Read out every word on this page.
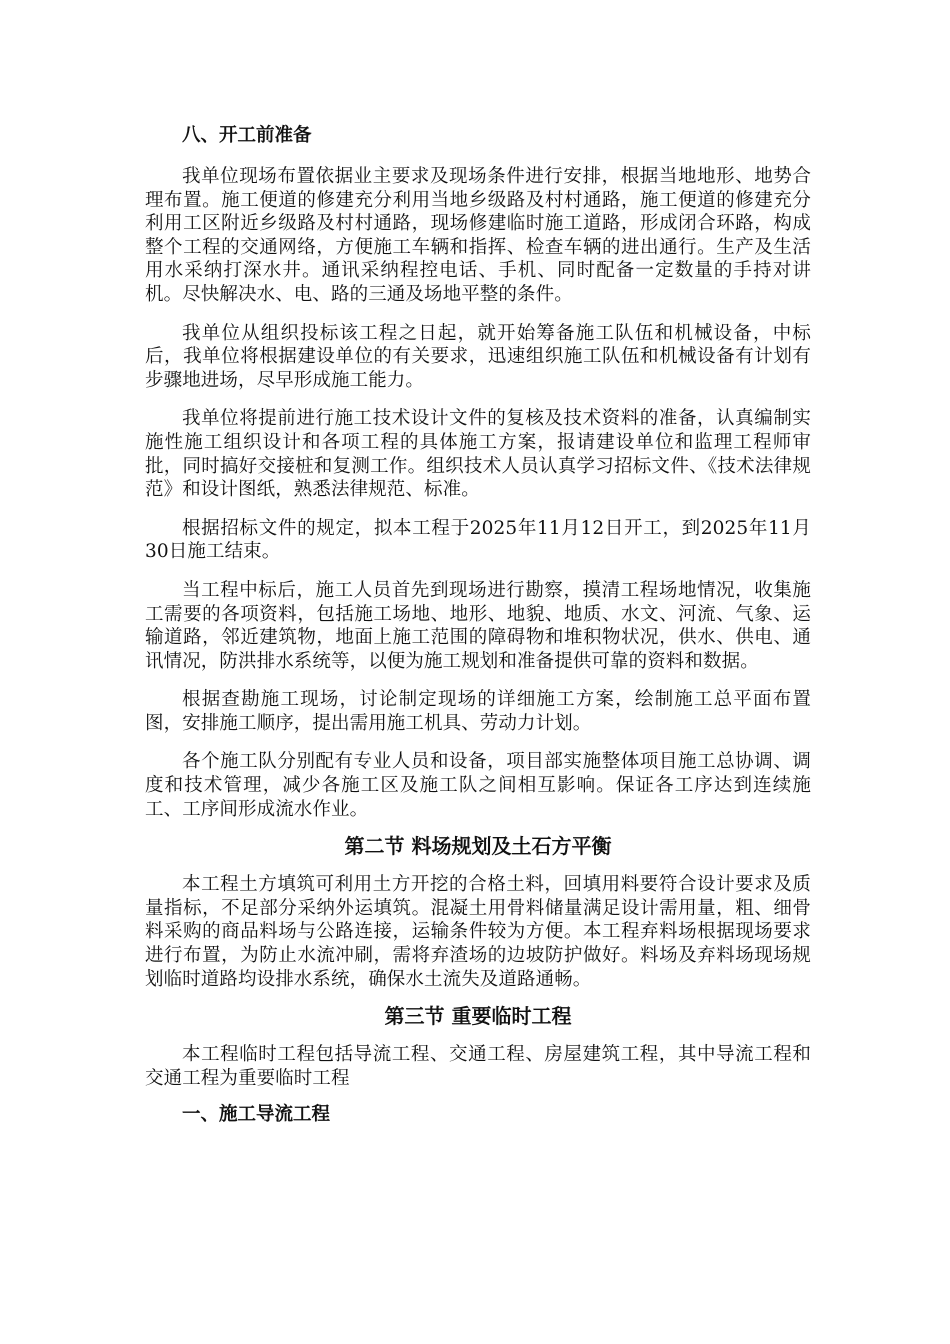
八、开工前准备

我单位现场布置依据业主要求及现场条件进行安排，根据当地地形、地势合理布置。施工便道的修建充分利用当地乡级路及村村通路，施工便道的修建充分利用工区附近乡级路及村村通路，现场修建临时施工道路，形成闭合环路，构成整个工程的交通网络，方便施工车辆和指挥、检查车辆的进出通行。生产及生活用水采纳打深水井。通讯采纳程控电话、手机、同时配备一定数量的手持对讲机。尽快解决水、电、路的三通及场地平整的条件。

我单位从组织投标该工程之日起，就开始筹备施工队伍和机械设备，中标后，我单位将根据建设单位的有关要求，迅速组织施工队伍和机械设备有计划有步骤地进场，尽早形成施工能力。

我单位将提前进行施工技术设计文件的复核及技术资料的准备，认真编制实施性施工组织设计和各项工程的具体施工方案，报请建设单位和监理工程师审批，同时搞好交接桩和复测工作。组织技术人员认真学习招标文件、《技术法律规范》和设计图纸，熟悉法律规范、标准。

根据招标文件的规定，拟本工程于2025年11月12日开工，到2025年11月30日施工结束。

当工程中标后，施工人员首先到现场进行勘察，摸清工程场地情况，收集施工需要的各项资料，包括施工场地、地形、地貌、地质、水文、河流、气象、运输道路，邻近建筑物，地面上施工范围的障碍物和堆积物状况，供水、供电、通讯情况，防洪排水系统等，以便为施工规划和准备提供可靠的资料和数据。

根据查勘施工现场，讨论制定现场的详细施工方案，绘制施工总平面布置图，安排施工顺序，提出需用施工机具、劳动力计划。

各个施工队分别配有专业人员和设备，项目部实施整体项目施工总协调、调度和技术管理，减少各施工区及施工队之间相互影响。保证各工序达到连续施工、工序间形成流水作业。

第二节 料场规划及土石方平衡

本工程土方填筑可利用土方开挖的合格土料，回填用料要符合设计要求及质量指标，不足部分采纳外运填筑。混凝土用骨料储量满足设计需用量，粗、细骨料采购的商品料场与公路连接，运输条件较为方便。本工程弃料场根据现场要求进行布置，为防止水流冲刷，需将弃渣场的边坡防护做好。料场及弃料场现场规划临时道路均设排水系统，确保水土流失及道路通畅。

第三节 重要临时工程

本工程临时工程包括导流工程、交通工程、房屋建筑工程，其中导流工程和交通工程为重要临时工程

一、施工导流工程
